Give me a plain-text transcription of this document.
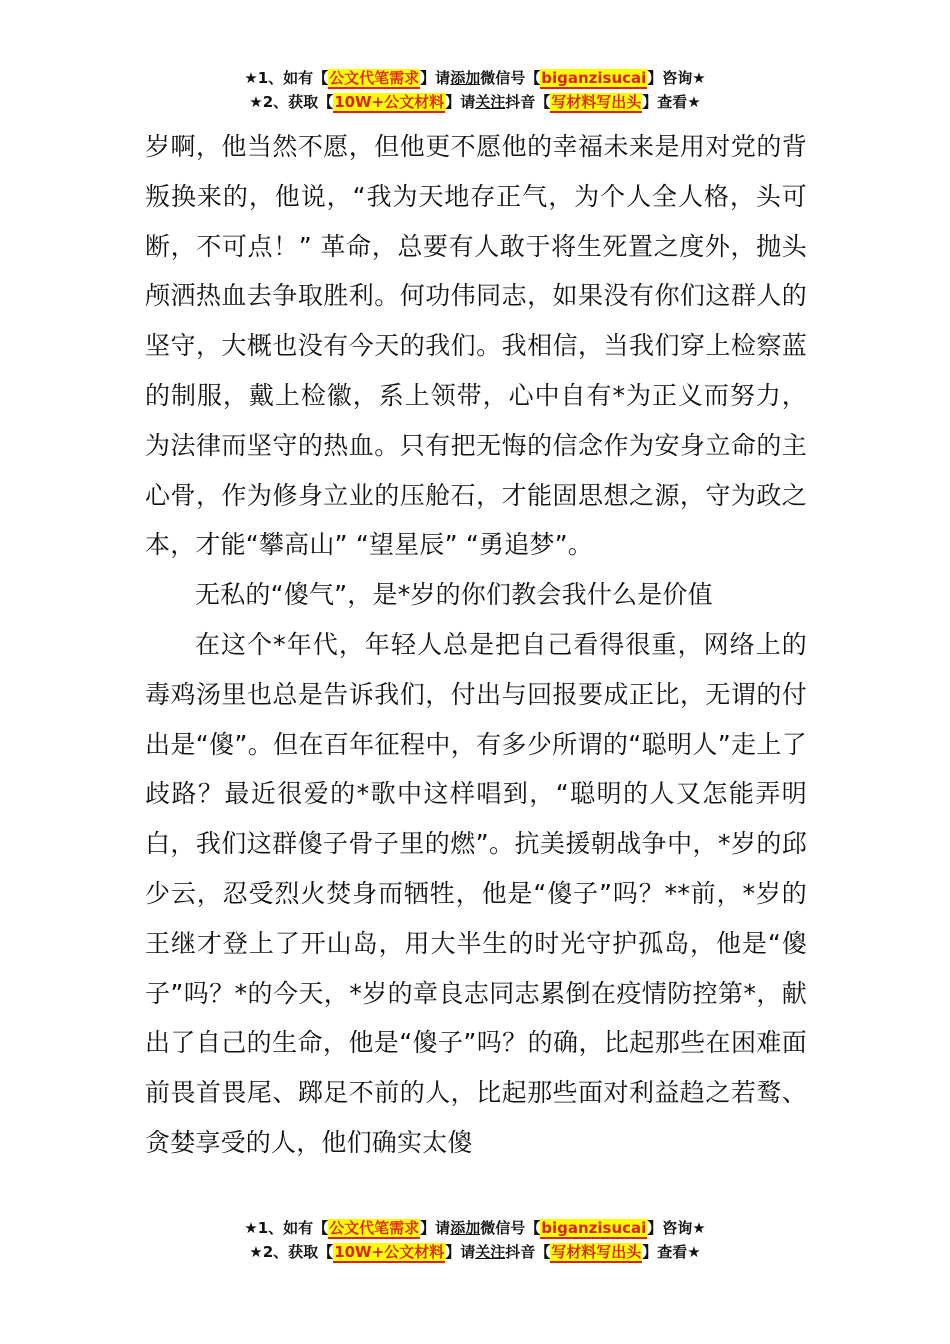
★1、如有【公文代笔需求】请添加微信号【biganzisucai】咨询★
★2、获取【10W+公文材料】请关注抖音【写材料写出头】查看★

岁啊，他当然不愿，但他更不愿他的幸福未来是用对党的背叛换来的，他说，“我为天地存正气，为个人全人格，头可断，不可点！” 革命，总要有人敢于将生死置之度外，抛头颅洒热血去争取胜利。何功伟同志，如果没有你们这群人的坚守，大概也没有今天的我们。我相信，当我们穿上检察蓝的制服，戴上检徽，系上领带，心中自有*为正义而努力，为法律而坚守的热血。只有把无悔的信念作为安身立命的主心骨，作为修身立业的压舱石，才能固思想之源，守为政之本，才能“攀高山” “望星辰” “勇追梦”。

无私的“傻气”，是*岁的你们教会我什么是价值

在这个*年代，年轻人总是把自己看得很重，网络上的毒鸡汤里也总是告诉我们，付出与回报要成正比，无谓的付出是“傻”。但在百年征程中，有多少所谓的“聪明人”走上了歧路？最近很爱的*歌中这样唱到，“聪明的人又怎能弄明白，我们这群傻子骨子里的燃”。抗美援朝战争中，*岁的邱少云，忍受烈火焚身而牺牲，他是“傻子”吗？**前，*岁的王继才登上了开山岛，用大半生的时光守护孤岛，他是“傻子”吗？*的今天，*岁的章良志同志累倒在疫情防控第*，献出了自己的生命，他是“傻子”吗？的确，比起那些在困难面前畏首畏尾、踯足不前的人，比起那些面对利益趋之若鹜、贪婪享受的人，他们确实太傻

★1、如有【公文代笔需求】请添加微信号【biganzisucai】咨询★
★2、获取【10W+公文材料】请关注抖音【写材料写出头】查看★
